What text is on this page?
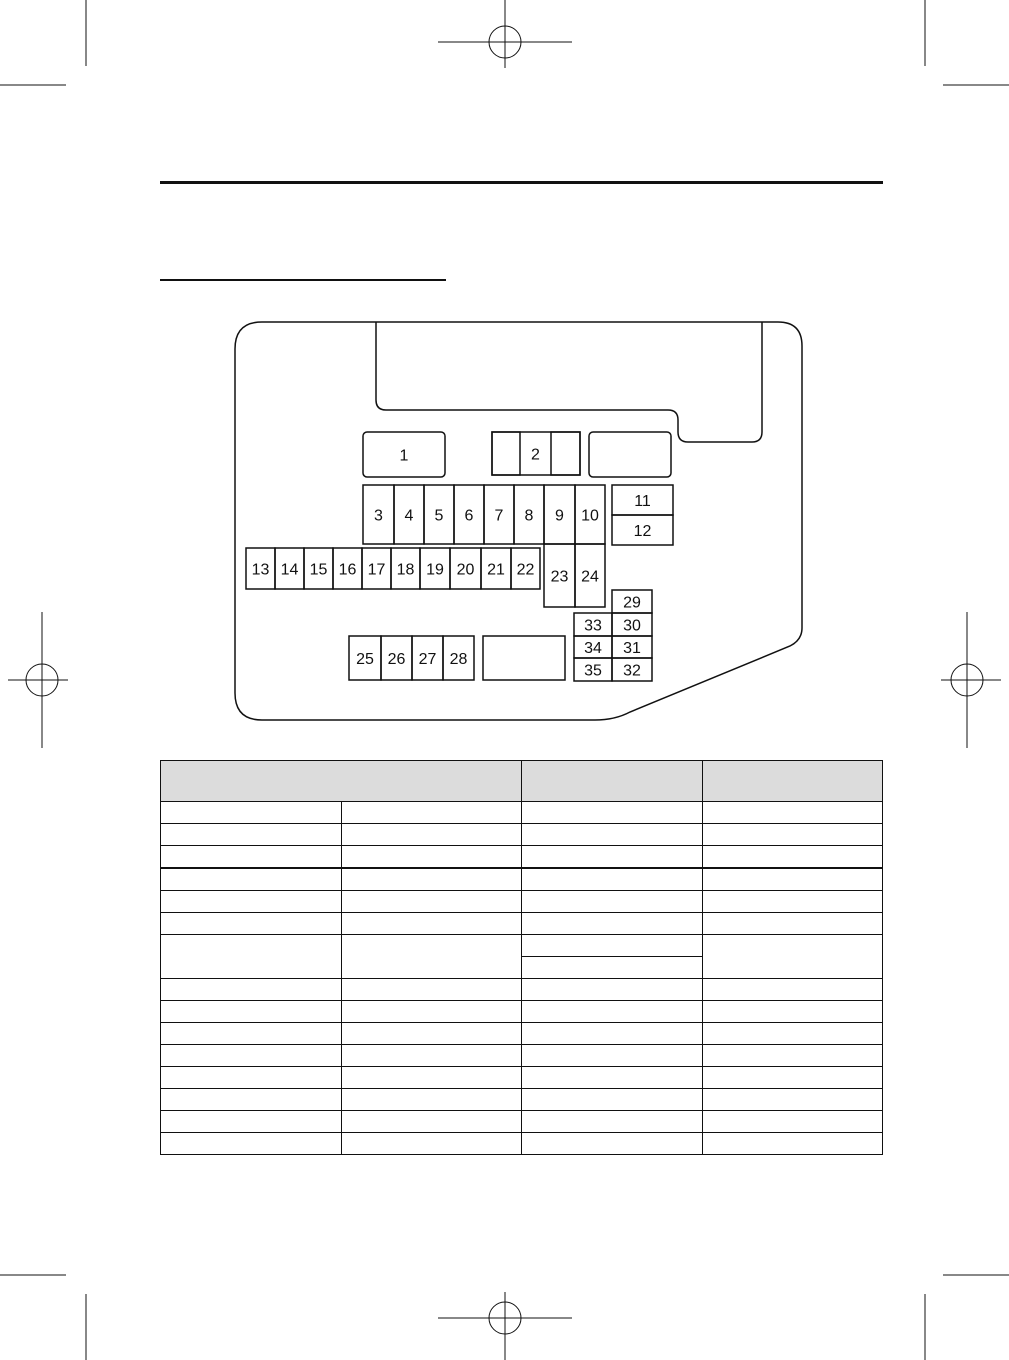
1	2
3 4 5 6 7 8 9 10
11
12
13 14 15 16 17 18 19 20 21 22 23 24
25 26 27 28
29
30
31
32
33
34
35
